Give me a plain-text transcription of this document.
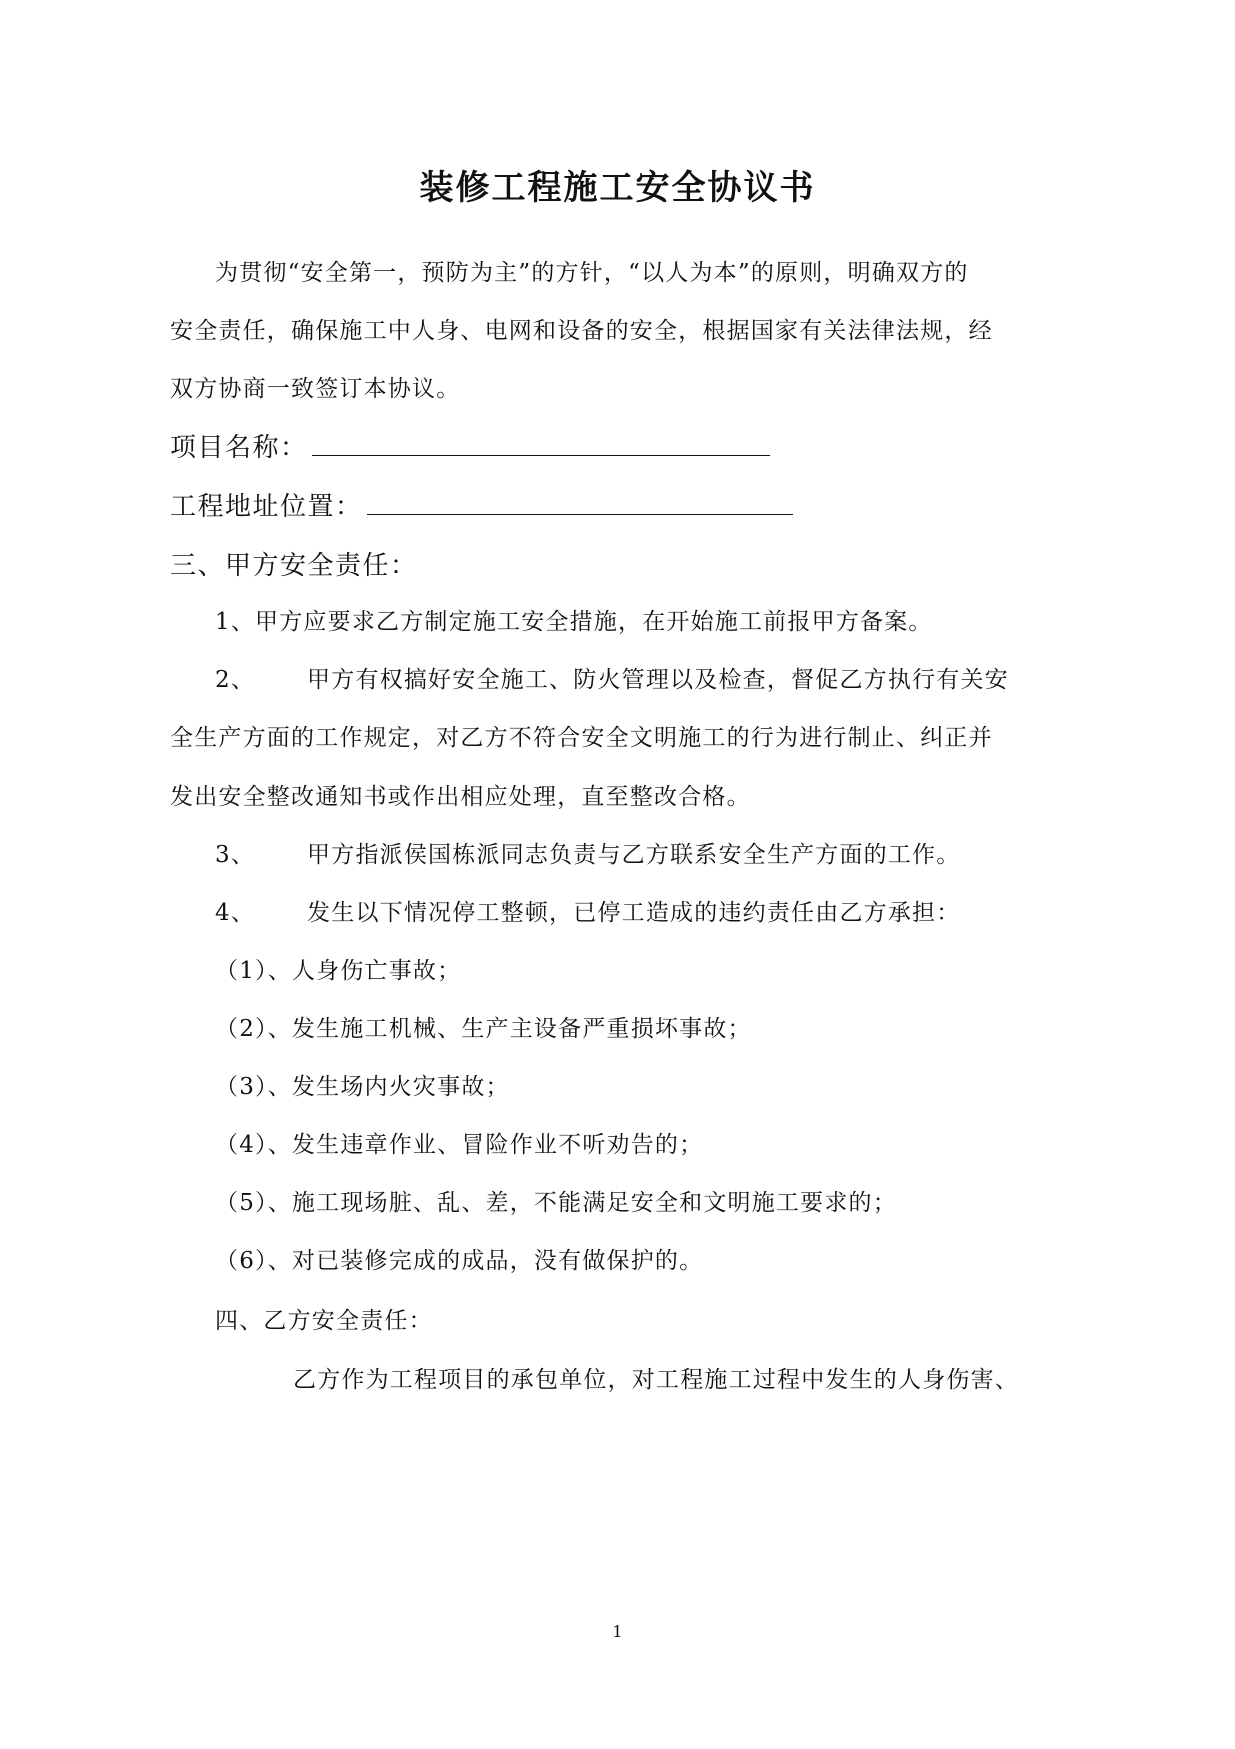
装修工程施工安全协议书

为贯彻“安全第一，预防为主”的方针，“以人为本”的原则，明确双方的

安全责任，确保施工中人身、电网和设备的安全，根据国家有关法律法规，经

双方协商一致签订本协议。

项目名称：

工程地址位置：

三、甲方安全责任：

1、甲方应要求乙方制定施工安全措施，在开始施工前报甲方备案。

2、 甲方有权搞好安全施工、防火管理以及检查，督促乙方执行有关安

全生产方面的工作规定，对乙方不符合安全文明施工的行为进行制止、纠正并

发出安全整改通知书或作出相应处理，直至整改合格。

3、 甲方指派侯国栋派同志负责与乙方联系安全生产方面的工作。

4、 发生以下情况停工整顿，已停工造成的违约责任由乙方承担：

（1）、人身伤亡事故；

（2）、发生施工机械、生产主设备严重损坏事故；

（3）、发生场内火灾事故；

（4）、发生违章作业、冒险作业不听劝告的；

（5）、施工现场脏、乱、差，不能满足安全和文明施工要求的；

（6）、对已装修完成的成品，没有做保护的。

四、乙方安全责任：

乙方作为工程项目的承包单位，对工程施工过程中发生的人身伤害、

1
